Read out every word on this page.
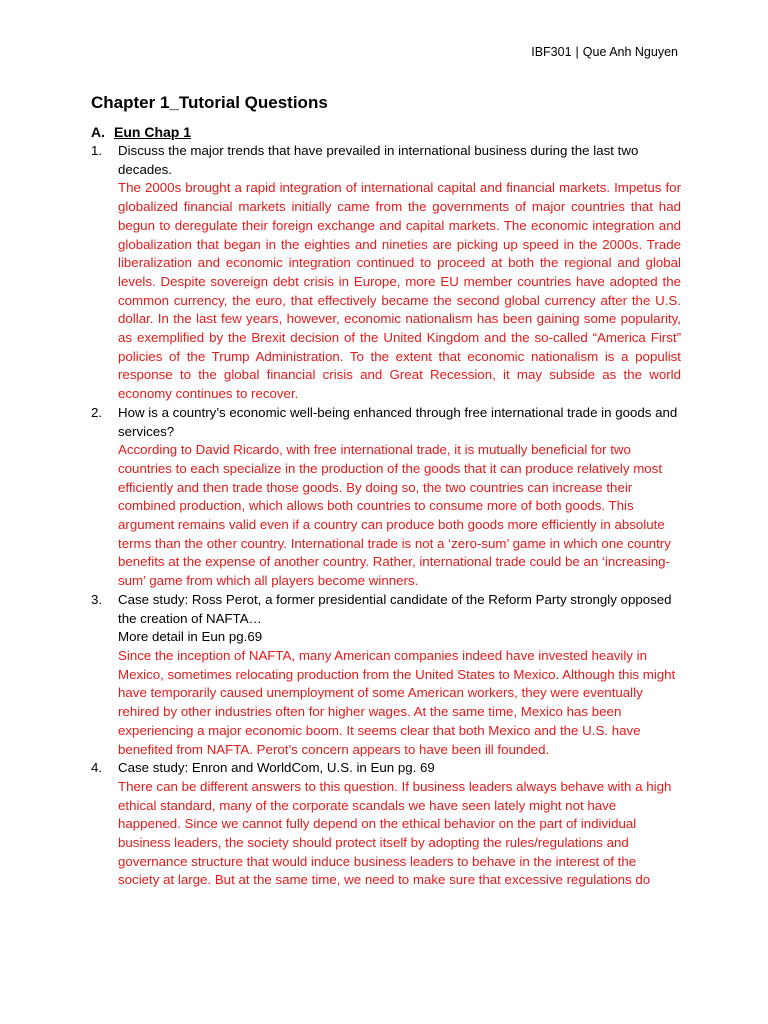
IBF301 | Que Anh Nguyen
Chapter 1_Tutorial Questions
A. Eun Chap 1
1.	Discuss the major trends that have prevailed in international business during the last two decades.

The 2000s brought a rapid integration of international capital and financial markets. Impetus for globalized financial markets initially came from the governments of major countries that had begun to deregulate their foreign exchange and capital markets. The economic integration and globalization that began in the eighties and nineties are picking up speed in the 2000s. Trade liberalization and economic integration continued to proceed at both the regional and global levels. Despite sovereign debt crisis in Europe, more EU member countries have adopted the common currency, the euro, that effectively became the second global currency after the U.S. dollar. In the last few years, however, economic nationalism has been gaining some popularity, as exemplified by the Brexit decision of the United Kingdom and the so-called “America First” policies of the Trump Administration. To the extent that economic nationalism is a populist response to the global financial crisis and Great Recession, it may subside as the world economy continues to recover.

2.	How is a country’s economic well-being enhanced through free international trade in goods and services?

According to David Ricardo, with free international trade, it is mutually beneficial for two countries to each specialize in the production of the goods that it can produce relatively most efficiently and then trade those goods. By doing so, the two countries can increase their combined production, which allows both countries to consume more of both goods. This argument remains valid even if a country can produce both goods more efficiently in absolute terms than the other country. International trade is not a ‘zero-sum’ game in which one country benefits at the expense of another country. Rather, international trade could be an ‘increasing-sum’ game from which all players become winners.

3.	Case study: Ross Perot, a former presidential candidate of the Reform Party strongly opposed the creation of NAFTA…

More detail in Eun pg.69

Since the inception of NAFTA, many American companies indeed have invested heavily in Mexico, sometimes relocating production from the United States to Mexico. Although this might have temporarily caused unemployment of some American workers, they were eventually rehired by other industries often for higher wages. At the same time, Mexico has been experiencing a major economic boom. It seems clear that both Mexico and the U.S. have benefited from NAFTA. Perot’s concern appears to have been ill founded.

4.	Case study: Enron and WorldCom, U.S. in Eun pg. 69

There can be different answers to this question. If business leaders always behave with a high ethical standard, many of the corporate scandals we have seen lately might not have happened. Since we cannot fully depend on the ethical behavior on the part of individual business leaders, the society should protect itself by adopting the rules/regulations and governance structure that would induce business leaders to behave in the interest of the society at large. But at the same time, we need to make sure that excessive regulations do
